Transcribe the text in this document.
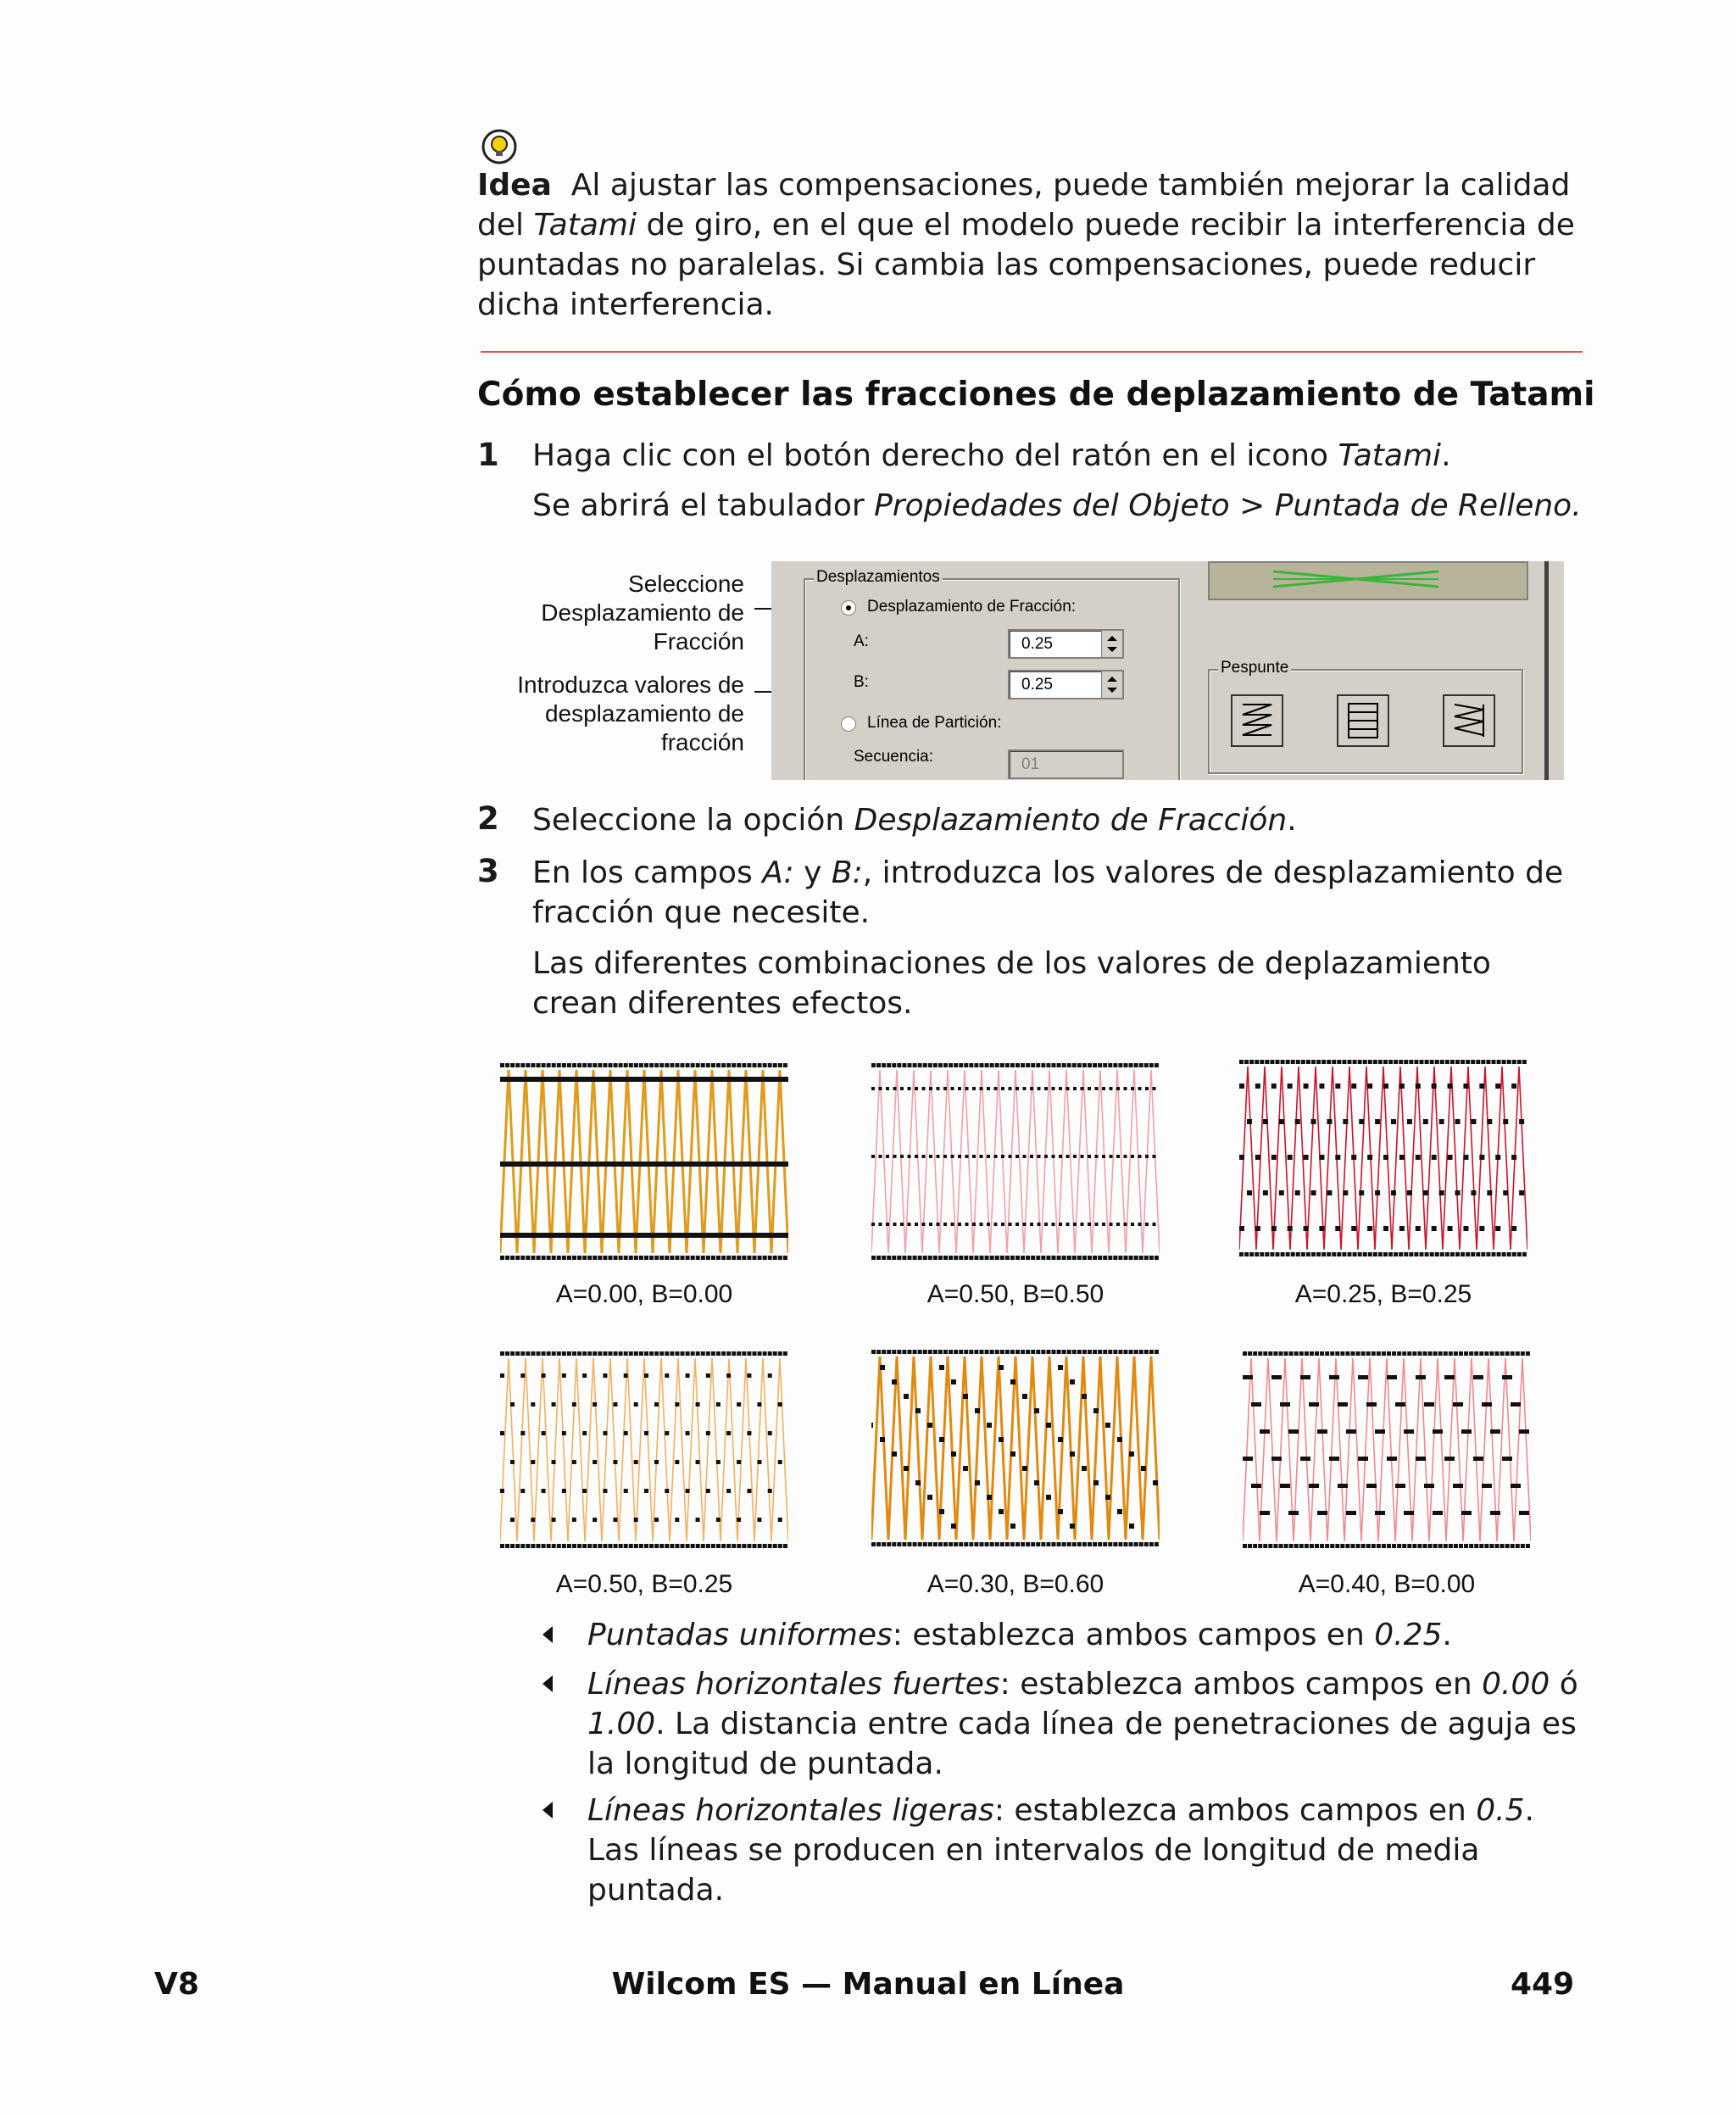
Idea Al ajustar las compensaciones, puede también mejorar la calidad del Tatami de giro, en el que el modelo puede recibir la interferencia de puntadas no paralelas. Si cambia las compensaciones, puede reducir dicha interferencia.
Cómo establecer las fracciones de deplazamiento de Tatami
1 Haga clic con el botón derecho del ratón en el icono Tatami.
Se abrirá el tabulador Propiedades del Objeto > Puntada de Relleno.
Seleccione
Desplazamiento de
Fracción
Introduzca valores de
desplazamiento de
fracción
Desplazamientos
Desplazamiento de Fracción:
A:	0.25
B:	0.25
Línea de Partición:
Secuencia:	01
Pespunte
2 Seleccione la opción Desplazamiento de Fracción.
3 En los campos A: y B:, introduzca los valores de desplazamiento de fracción que necesite.
Las diferentes combinaciones de los valores de deplazamiento crean diferentes efectos.
A=0.00, B=0.00	A=0.50, B=0.50	A=0.25, B=0.25
A=0.50, B=0.25	A=0.30, B=0.60	A=0.40, B=0.00
Puntadas uniformes: establezca ambos campos en 0.25.
Líneas horizontales fuertes: establezca ambos campos en 0.00 ó 1.00. La distancia entre cada línea de penetraciones de aguja es la longitud de puntada.
Líneas horizontales ligeras: establezca ambos campos en 0.5. Las líneas se producen en intervalos de longitud de media puntada.
V8	Wilcom ES — Manual en Línea	449
